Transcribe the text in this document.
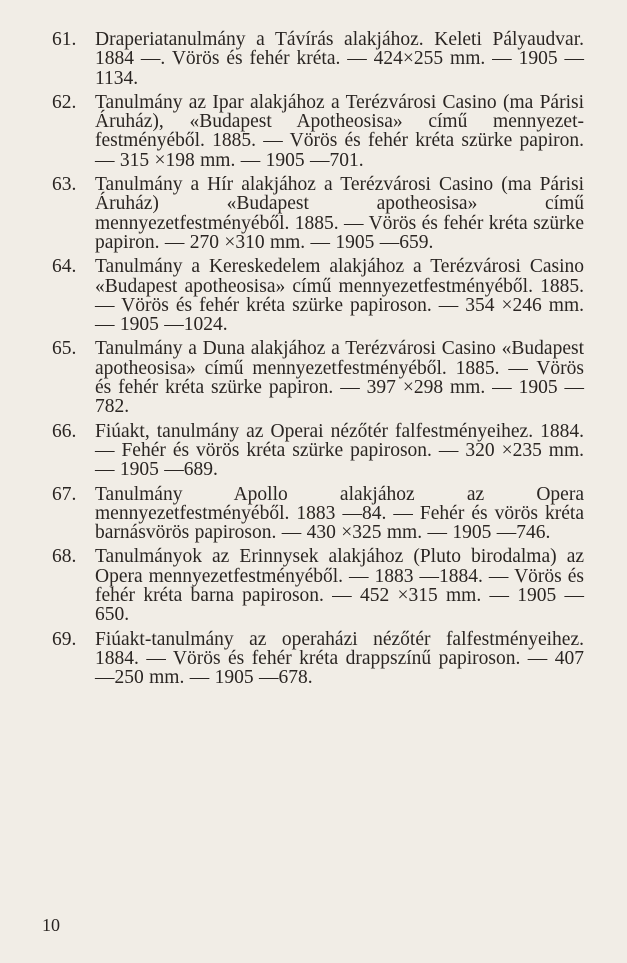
61. Draperiatanulmány a Távírás alakjához. Keleti Pályaudvar. 1884 —. Vörös és fehér kréta. — 424×255 mm. — 1905 —1134.
62. Tanulmány az Ipar alakjához a Terézvárosi Casino (ma Párisi Áruház), «Budapest Apotheosisa» című mennyezet-festményéből. 1885. — Vörös és fehér kréta szürke papiron. — 315 ×198 mm. — 1905 —701.
63. Tanulmány a Hír alakjához a Terézvárosi Casino (ma Párisi Áruház) «Budapest apotheosisa» című mennyezetfestményéből. 1885. — Vörös és fehér kréta szürke papiron. — 270 ×310 mm. — 1905 —659.
64. Tanulmány a Kereskedelem alakjához a Terézvárosi Casino «Budapest apotheosisa» című mennyezetfestményéből. 1885. — Vörös és fehér kréta szürke papiroson. — 354 ×246 mm. — 1905 —1024.
65. Tanulmány a Duna alakjához a Terézvárosi Casino «Budapest apotheosisa» című mennyezetfestményéből. 1885. — Vörös és fehér kréta szürke papiron. — 397 ×298 mm. — 1905 —782.
66. Fiúakt, tanulmány az Operai nézőtér falfestményeihez. 1884. — Fehér és vörös kréta szürke papiroson. — 320 ×235 mm. — 1905 —689.
67. Tanulmány Apollo alakjához az Opera mennyezetfestményéből. 1883 —84. — Fehér és vörös kréta barnásvörös papiroson. — 430 ×325 mm. — 1905 —746.
68. Tanulmányok az Erinnysek alakjához (Pluto birodalma) az Opera mennyezetfestményéből. — 1883 —1884. — Vörös és fehér kréta barna papiroson. — 452 ×315 mm. — 1905 —650.
69. Fiúakt-tanulmány az operaházi nézőtér falfestményeihez. 1884. — Vörös és fehér kréta drappszínű papiroson. — 407 —250 mm. — 1905 —678.
10
